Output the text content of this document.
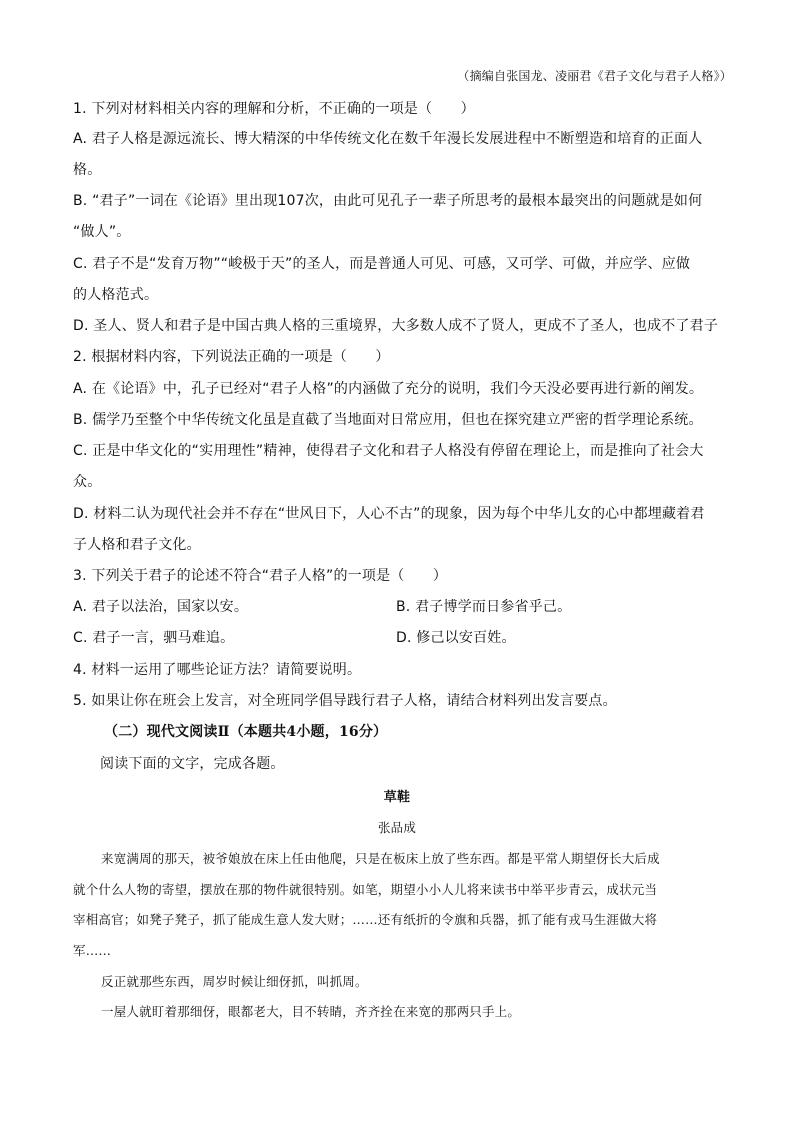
（摘编自张国龙、凌丽君《君子文化与君子人格》）
1. 下列对材料相关内容的理解和分析，不正确的一项是（　　）
A. 君子人格是源远流长、博大精深的中华传统文化在数千年漫长发展进程中不断塑造和培育的正面人
格。
B. “君子”一词在《论语》里出现107次，由此可见孔子一辈子所思考的最根本最突出的问题就是如何
“做人”。
C. 君子不是“发育万物”“峻极于天”的圣人，而是普通人可见、可感，又可学、可做，并应学、应做
的人格范式。
D. 圣人、贤人和君子是中国古典人格的三重境界，大多数人成不了贤人，更成不了圣人，也成不了君子
2. 根据材料内容，下列说法正确的一项是（　　）
A. 在《论语》中，孔子已经对“君子人格”的内涵做了充分的说明，我们今天没必要再进行新的阐发。
B. 儒学乃至整个中华传统文化虽是直截了当地面对日常应用，但也在探究建立严密的哲学理论系统。
C. 正是中华文化的“实用理性”精神，使得君子文化和君子人格没有停留在理论上，而是推向了社会大
众。
D. 材料二认为现代社会并不存在“世风日下，人心不古”的现象，因为每个中华儿女的心中都埋藏着君
子人格和君子文化。
3. 下列关于君子的论述不符合“君子人格”的一项是（　　）
A. 君子以法治，国家以安。	B. 君子博学而日参省乎己。
C. 君子一言，驷马难追。	D. 修己以安百姓。
4. 材料一运用了哪些论证方法？请简要说明。
5. 如果让你在班会上发言，对全班同学倡导践行君子人格，请结合材料列出发言要点。
（二）现代文阅读Ⅱ（本题共4小题，16分）
阅读下面的文字，完成各题。
草鞋
张品成
来宽满周的那天，被爷娘放在床上任由他爬，只是在板床上放了些东西。都是平常人期望伢长大后成
就个什么人物的寄望，摆放在那的物件就很特别。如笔，期望小小人儿将来读书中举平步青云，成状元当
宰相高官；如凳子凳子，抓了能成生意人发大财；……还有纸折的令旗和兵器，抓了能有戎马生涯做大将
军……
反正就那些东西，周岁时候让细伢抓，叫抓周。
一屋人就盯着那细伢，眼都老大，目不转睛，齐齐拴在来宽的那两只手上。
